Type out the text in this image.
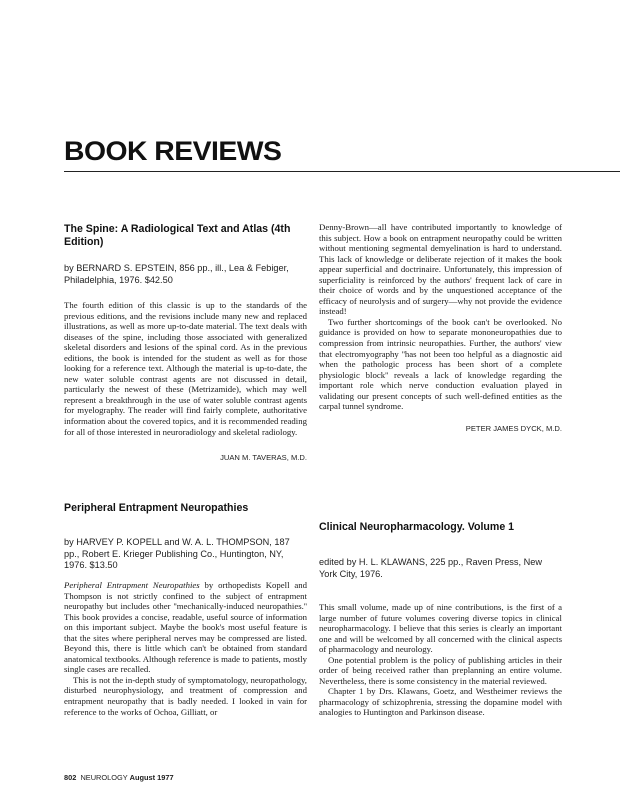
BOOK REVIEWS
The Spine: A Radiological Text and Atlas (4th Edition)
by BERNARD S. EPSTEIN, 856 pp., ill., Lea & Febiger, Philadelphia, 1976. $42.50

The fourth edition of this classic is up to the standards of the previous editions, and the revisions include many new and replaced illustrations, as well as more up-to-date material. The text deals with diseases of the spine, including those associated with generalized skeletal disorders and lesions of the spinal cord. As in the previous editions, the book is intended for the student as well as for those looking for a reference text. Although the material is up-to-date, the new water soluble contrast agents are not discussed in detail, particularly the newest of these (Metrizamide), which may well represent a breakthrough in the use of water soluble contrast agents for myelography. The reader will find fairly complete, authoritative information about the covered topics, and it is recommended reading for all of those interested in neuroradiology and skeletal radiology.

JUAN M. TAVERAS, M.D.
Peripheral Entrapment Neuropathies
by HARVEY P. KOPELL and W. A. L. THOMPSON, 187 pp., Robert E. Krieger Publishing Co., Huntington, NY, 1976. $13.50

Peripheral Entrapment Neuropathies by orthopedists Kopell and Thompson is not strictly confined to the subject of entrapment neuropathy but includes other ''mechanically-induced neuropathies.'' This book provides a concise, readable, useful source of information on this important subject. Maybe the book's most useful feature is that the sites where peripheral nerves may be compressed are listed. Beyond this, there is little which can't be obtained from standard anatomical textbooks. Although reference is made to patients, mostly single cases are recalled.

This is not the in-depth study of symptomatology, neuropathology, disturbed neurophysiology, and treatment of compression and entrapment neuropathy that is badly needed. I looked in vain for reference to the works of Ochoa, Gilliatt, or

Denny-Brown—all have contributed importantly to knowledge of this subject. How a book on entrapment neuropathy could be written without mentioning segmental demyelination is hard to understand. This lack of knowledge or deliberate rejection of it makes the book appear superficial and doctrinaire. Unfortunately, this impression of superficiality is reinforced by the authors' frequent lack of care in their choice of words and by the unquestioned acceptance of the efficacy of neurolysis and of surgery—why not provide the evidence instead!

Two further shortcomings of the book can't be overlooked. No guidance is provided on how to separate mononeuropathies due to compression from intrinsic neuropathies. Further, the authors' view that electromyography ''has not been too helpful as a diagnostic aid when the pathologic process has been short of a complete physiologic block'' reveals a lack of knowledge regarding the important role which nerve conduction evaluation played in validating our present concepts of such well-defined entities as the carpal tunnel syndrome.

PETER JAMES DYCK, M.D.
Clinical Neuropharmacology. Volume 1
edited by H. L. KLAWANS, 225 pp., Raven Press, New York City, 1976.

This small volume, made up of nine contributions, is the first of a large number of future volumes covering diverse topics in clinical neuropharmacology. I believe that this series is clearly an important one and will be welcomed by all concerned with the clinical aspects of pharmacology and neurology.

One potential problem is the policy of publishing articles in their order of being received rather than preplanning an entire volume. Nevertheless, there is some consistency in the material reviewed.

Chapter 1 by Drs. Klawans, Goetz, and Westheimer reviews the pharmacology of schizophrenia, stressing the dopamine model with analogies to Huntington and Parkinson disease.

802 NEUROLOGY August 1977
